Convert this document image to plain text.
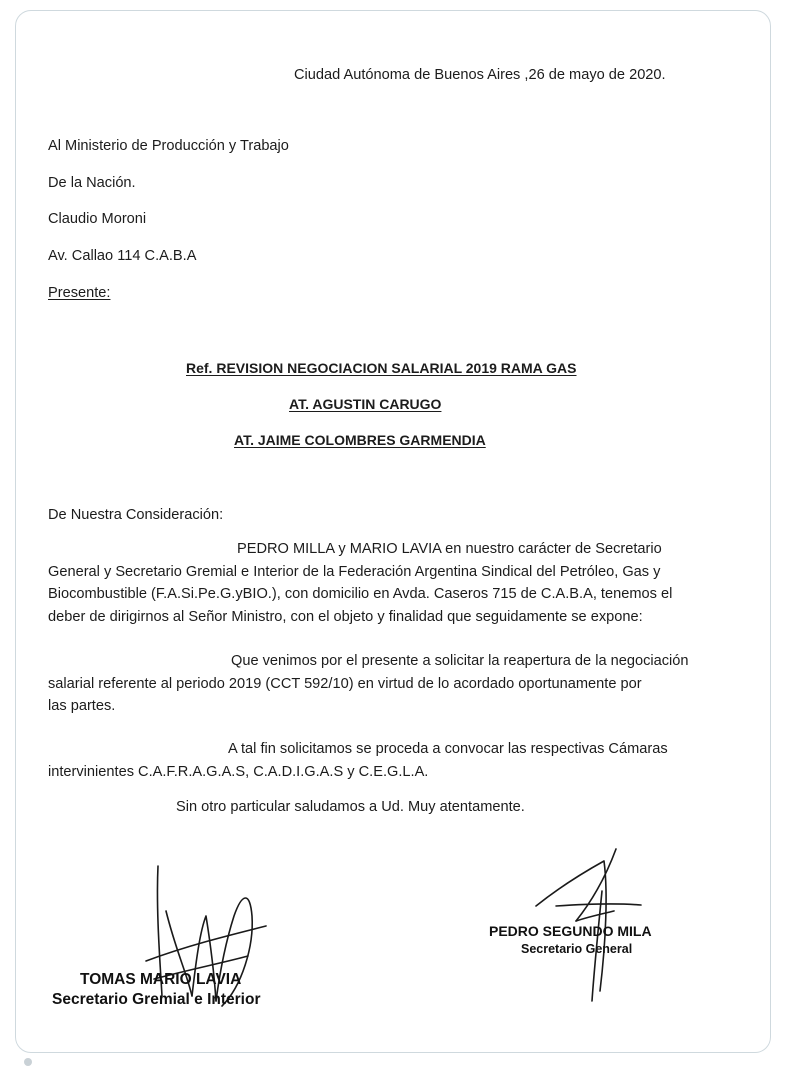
Ciudad Autónoma de Buenos Aires ,26 de mayo de 2020.
Al Ministerio de Producción y Trabajo
De la Nación.
Claudio Moroni
Av. Callao 114 C.A.B.A
Presente:
Ref. REVISION NEGOCIACION SALARIAL 2019 RAMA GAS
AT. AGUSTIN CARUGO
AT. JAIME COLOMBRES GARMENDIA
De Nuestra Consideración:
PEDRO MILLA y MARIO LAVIA en nuestro carácter de Secretario
General y Secretario Gremial e Interior de la Federación Argentina Sindical del Petróleo, Gas y
Biocombustible (F.A.Si.Pe.G.yBIO.), con domicilio en Avda. Caseros 715 de C.A.B.A, tenemos el
deber de dirigirnos al Señor Ministro, con el objeto y finalidad que seguidamente se expone:
Que venimos por el presente a solicitar la reapertura de la negociación
salarial referente al periodo 2019 (CCT 592/10) en virtud de lo acordado oportunamente por
las partes.
A tal fin solicitamos se proceda a convocar las respectivas Cámaras
intervinientes C.A.F.R.A.G.A.S, C.A.D.I.G.A.S y C.E.G.L.A.
Sin otro particular saludamos a Ud. Muy atentamente.
TOMAS MARIO LAVIA
Secretario Gremial e Interior
PEDRO SEGUNDO MILA
Secretario General
